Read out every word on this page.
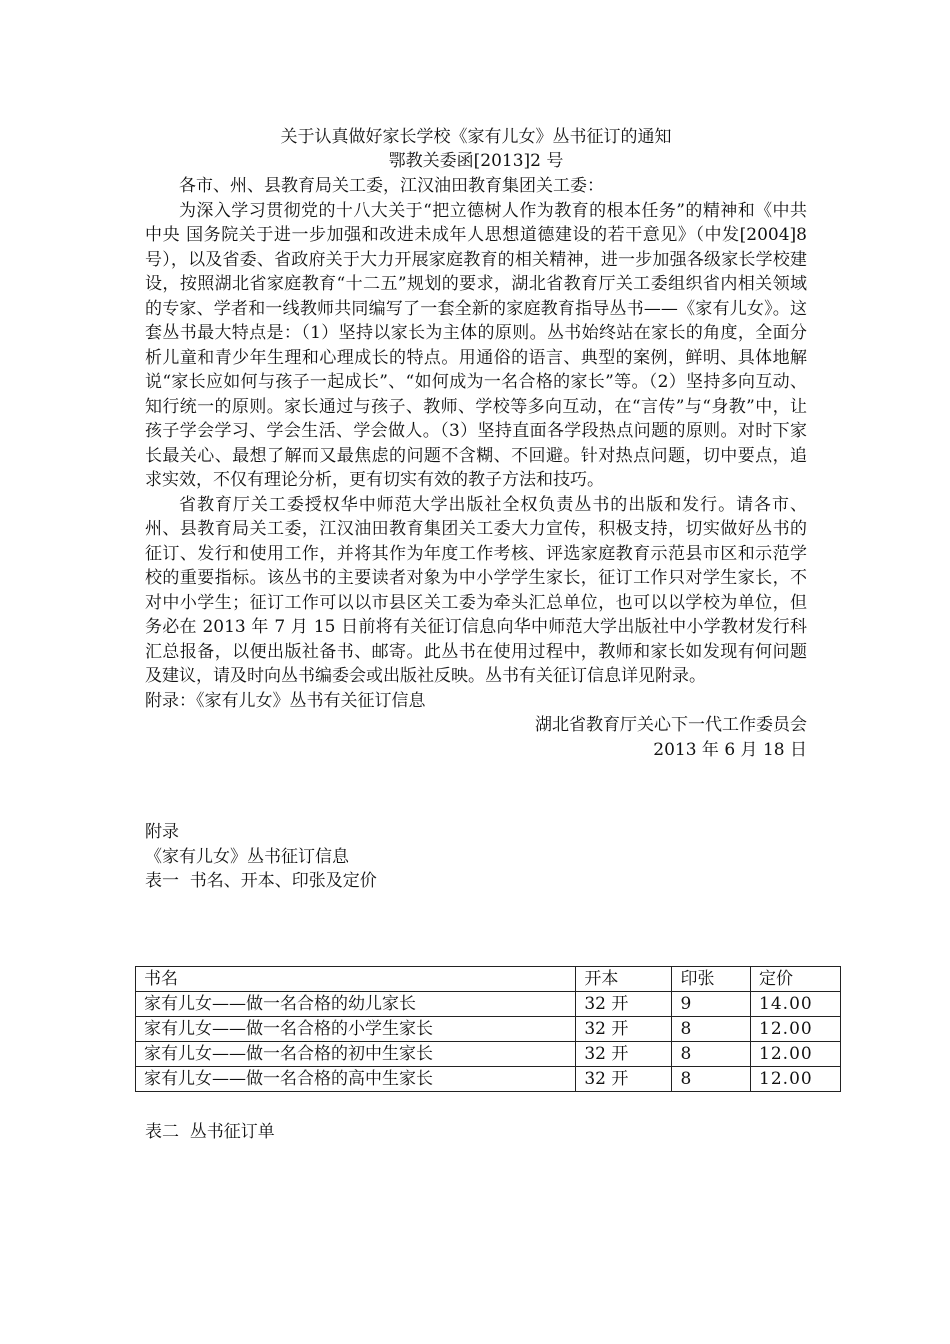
关于认真做好家长学校《家有儿女》丛书征订的通知
鄂教关委函[2013]2 号

各市、州、县教育局关工委，江汉油田教育集团关工委：

为深入学习贯彻党的十八大关于“把立德树人作为教育的根本任务”的精神和《中共中央 国务院关于进一步加强和改进未成年人思想道德建设的若干意见》（中发[2004]8 号），以及省委、省政府关于大力开展家庭教育的相关精神，进一步加强各级家长学校建设，按照湖北省家庭教育“十二五”规划的要求，湖北省教育厅关工委组织省内相关领域的专家、学者和一线教师共同编写了一套全新的家庭教育指导丛书——《家有儿女》。这套丛书最大特点是：（1）坚持以家长为主体的原则。丛书始终站在家长的角度，全面分析儿童和青少年生理和心理成长的特点。用通俗的语言、典型的案例，鲜明、具体地解说“家长应如何与孩子一起成长”、“如何成为一名合格的家长”等。（2）坚持多向互动、知行统一的原则。家长通过与孩子、教师、学校等多向互动，在“言传”与“身教”中，让孩子学会学习、学会生活、学会做人。（3）坚持直面各学段热点问题的原则。对时下家长最关心、最想了解而又最焦虑的问题不含糊、不回避。针对热点问题，切中要点，追求实效，不仅有理论分析，更有切实有效的教子方法和技巧。

省教育厅关工委授权华中师范大学出版社全权负责丛书的出版和发行。请各市、州、县教育局关工委，江汉油田教育集团关工委大力宣传，积极支持，切实做好丛书的征订、发行和使用工作，并将其作为年度工作考核、评选家庭教育示范县市区和示范学校的重要指标。该丛书的主要读者对象为中小学学生家长，征订工作只对学生家长，不对中小学生；征订工作可以以市县区关工委为牵头汇总单位，也可以以学校为单位，但务必在 2013 年 7 月 15 日前将有关征订信息向华中师范大学出版社中小学教材发行科汇总报备，以便出版社备书、邮寄。此丛书在使用过程中，教师和家长如发现有何问题及建议，请及时向丛书编委会或出版社反映。丛书有关征订信息详见附录。

附录：《家有儿女》丛书有关征订信息

湖北省教育厅关心下一代工作委员会

2013 年 6 月 18 日

附录

《家有儿女》丛书征订信息

表一  书名、开本、印张及定价

书名	开本	印张	定价
家有儿女——做一名合格的幼儿家长	32 开	9	14.00
家有儿女——做一名合格的小学生家长	32 开	8	12.00
家有儿女——做一名合格的初中生家长	32 开	8	12.00
家有儿女——做一名合格的高中生家长	32 开	8	12.00
表二  丛书征订单
